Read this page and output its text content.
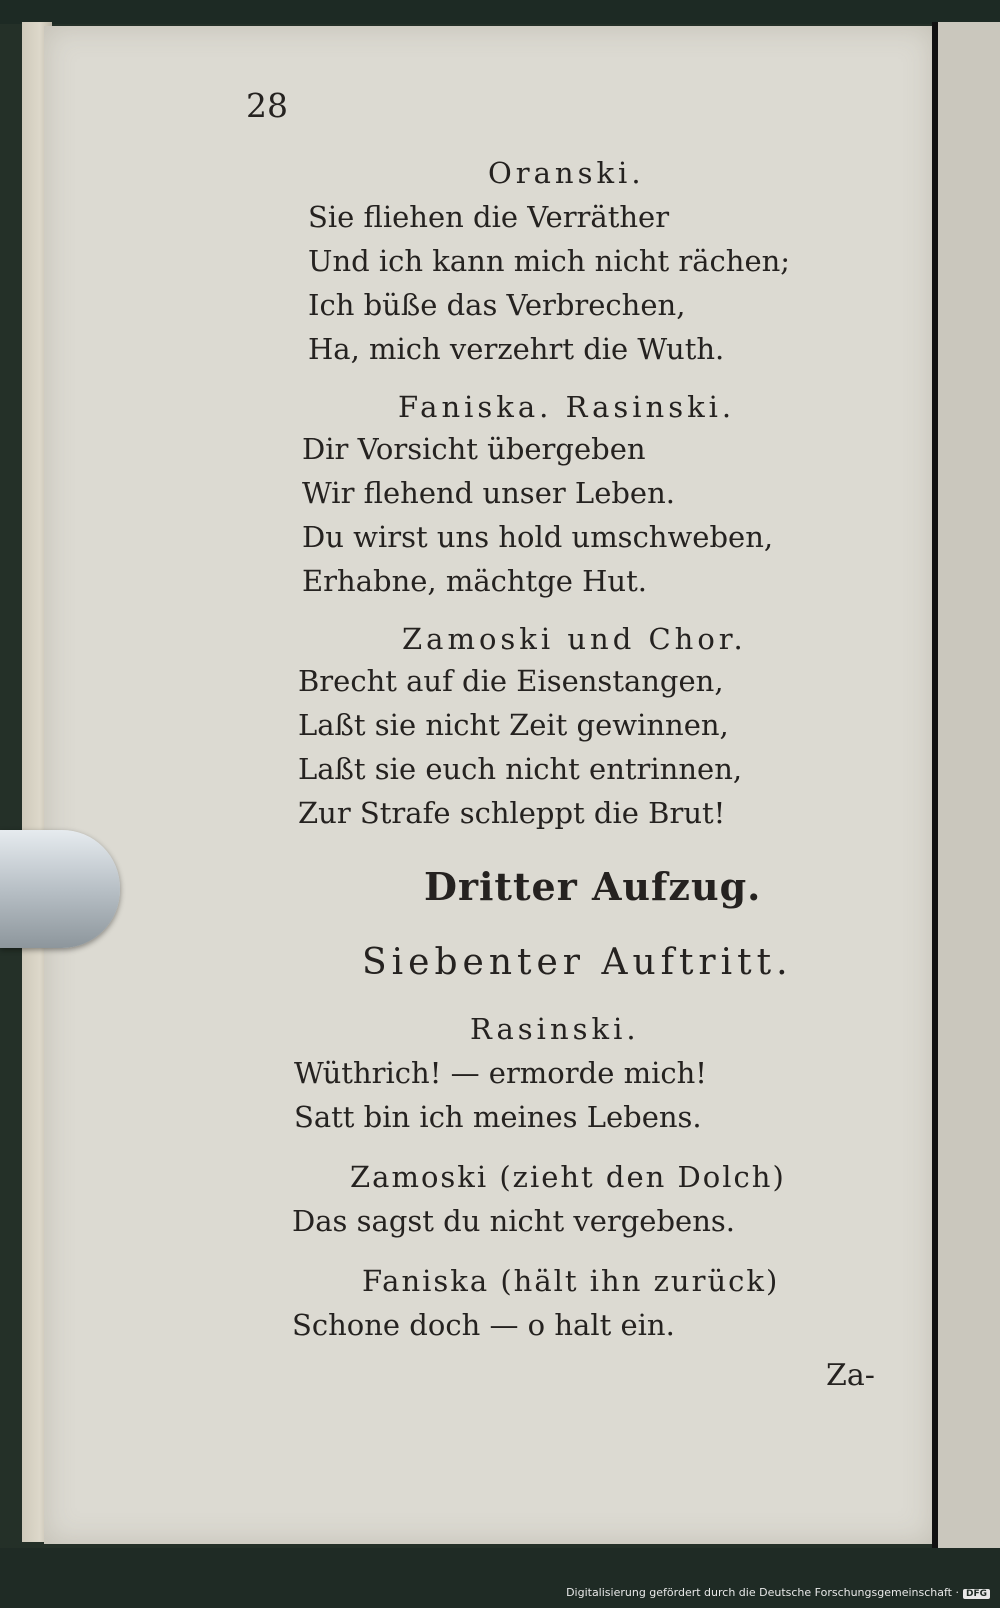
28
Oranski.
Sie fliehen die Verräther
Und ich kann mich nicht rächen;
Ich büße das Verbrechen,
Ha, mich verzehrt die Wuth.
Faniska. Rasinski.
Dir Vorsicht übergeben
Wir flehend unser Leben.
Du wirst uns hold umschweben,
Erhabne, mächtge Hut.
Zamoski und Chor.
Brecht auf die Eisenstangen,
Laßt sie nicht Zeit gewinnen,
Laßt sie euch nicht entrinnen,
Zur Strafe schleppt die Brut!
Dritter Aufzug.
Siebenter Auftritt.
Rasinski.
Wüthrich! — ermorde mich!
Satt bin ich meines Lebens.
Zamoski (zieht den Dolch)
Das sagst du nicht vergebens.
Faniska (hält ihn zurück)
Schone doch — o halt ein.
Za‑
Digitalisierung gefördert durch die Deutsche Forschungsgemeinschaft · DFG
